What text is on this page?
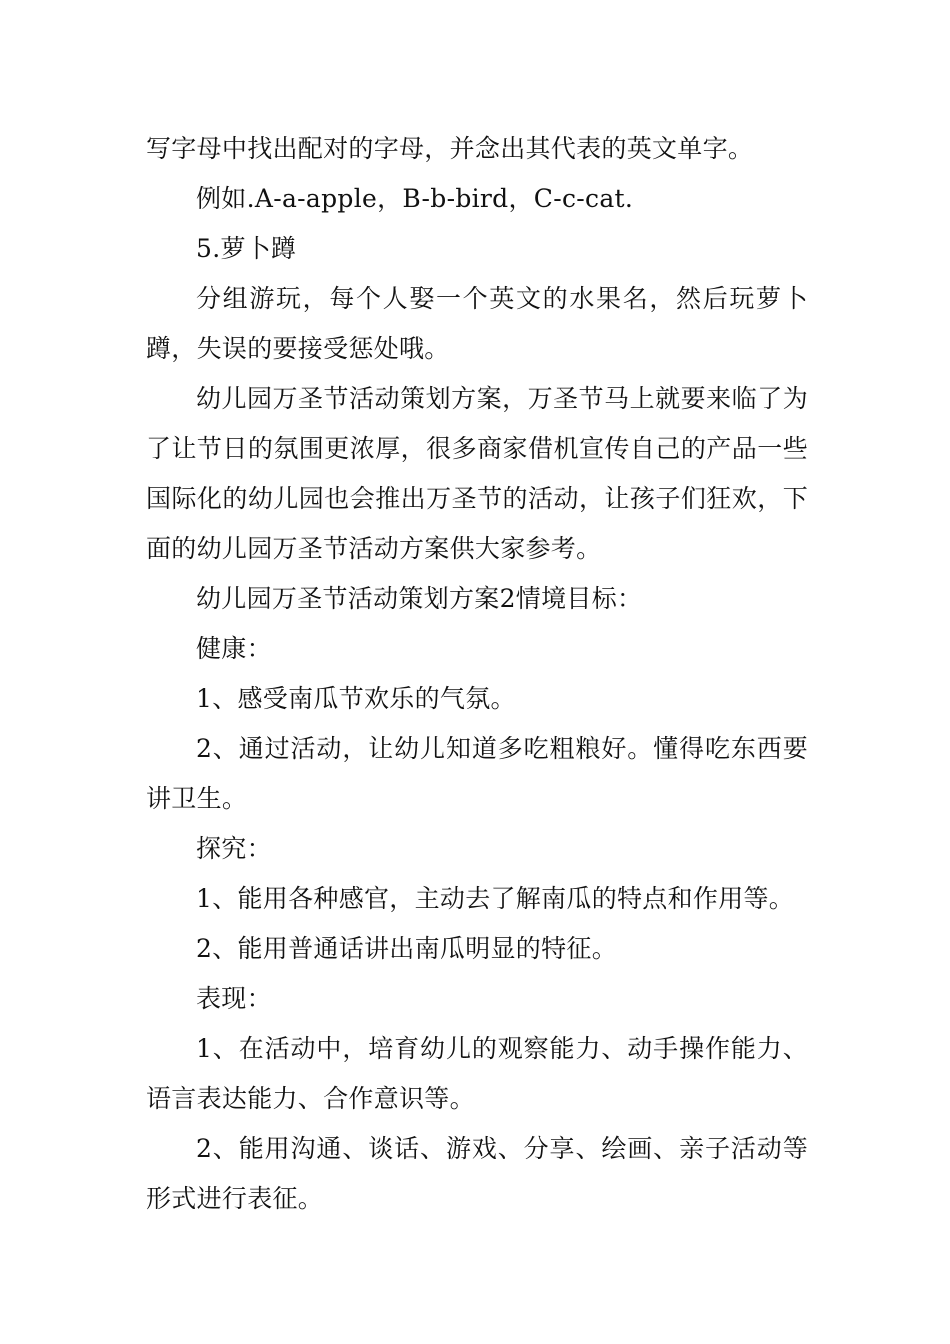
写字母中找出配对的字母，并念出其代表的英文单字。

例如.A-a-apple，B-b-bird，C-c-cat.

5.萝卜蹲

分组游玩，每个人娶一个英文的水果名，然后玩萝卜蹲，失误的要接受惩处哦。

幼儿园万圣节活动策划方案，万圣节马上就要来临了为了让节日的氛围更浓厚，很多商家借机宣传自己的产品一些国际化的幼儿园也会推出万圣节的活动，让孩子们狂欢，下面的幼儿园万圣节活动方案供大家参考。

幼儿园万圣节活动策划方案2情境目标：

健康：

1、感受南瓜节欢乐的气氛。

2、通过活动，让幼儿知道多吃粗粮好。懂得吃东西要讲卫生。

探究：

1、能用各种感官，主动去了解南瓜的特点和作用等。

2、能用普通话讲出南瓜明显的特征。

表现：

1、在活动中，培育幼儿的观察能力、动手操作能力、语言表达能力、合作意识等。

2、能用沟通、谈话、游戏、分享、绘画、亲子活动等形式进行表征。
